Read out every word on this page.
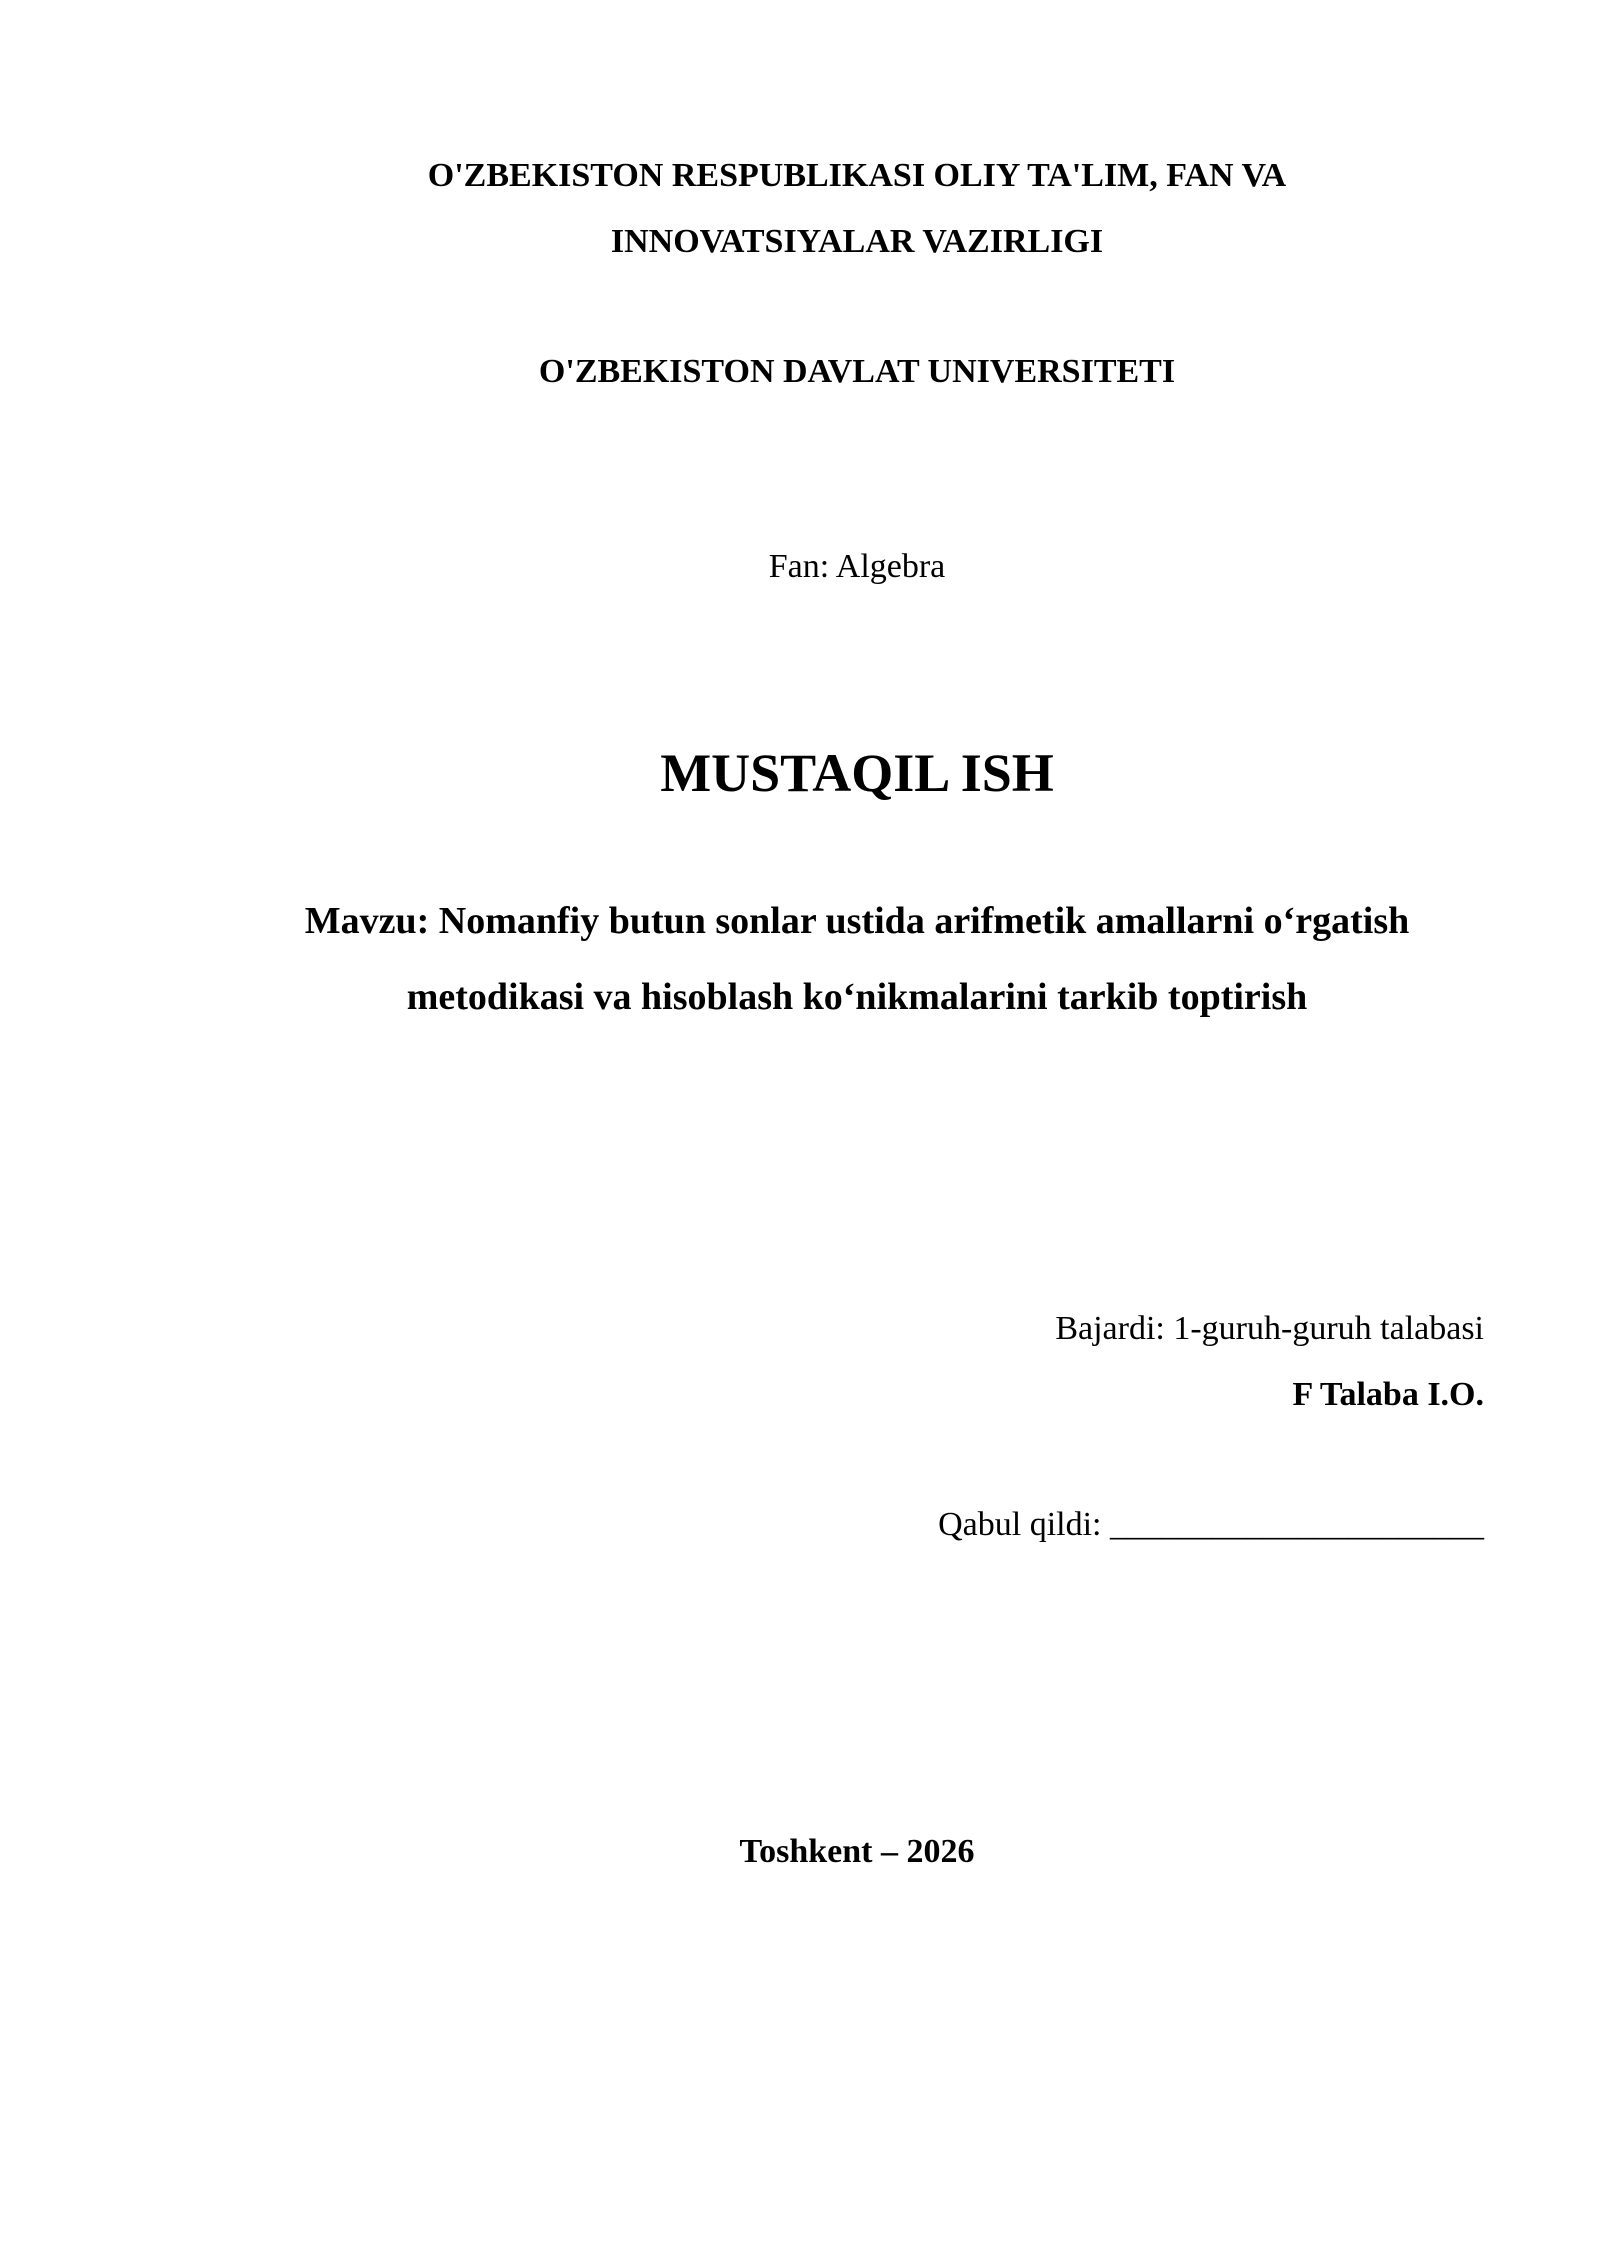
O'ZBEKISTON RESPUBLIKASI OLIY TA'LIM, FAN VA
INNOVATSIYALAR VAZIRLIGI
O'ZBEKISTON DAVLAT UNIVERSITETI
Fan: Algebra
MUSTAQIL ISH
Mavzu: Nomanfiy butun sonlar ustida arifmetik amallarni o‘rgatish
metodikasi va hisoblash ko‘nikmalarini tarkib toptirish
Bajardi: 1-guruh-guruh talabasi
F Talaba I.O.
Qabul qildi: ______________________
Toshkent – 2026
